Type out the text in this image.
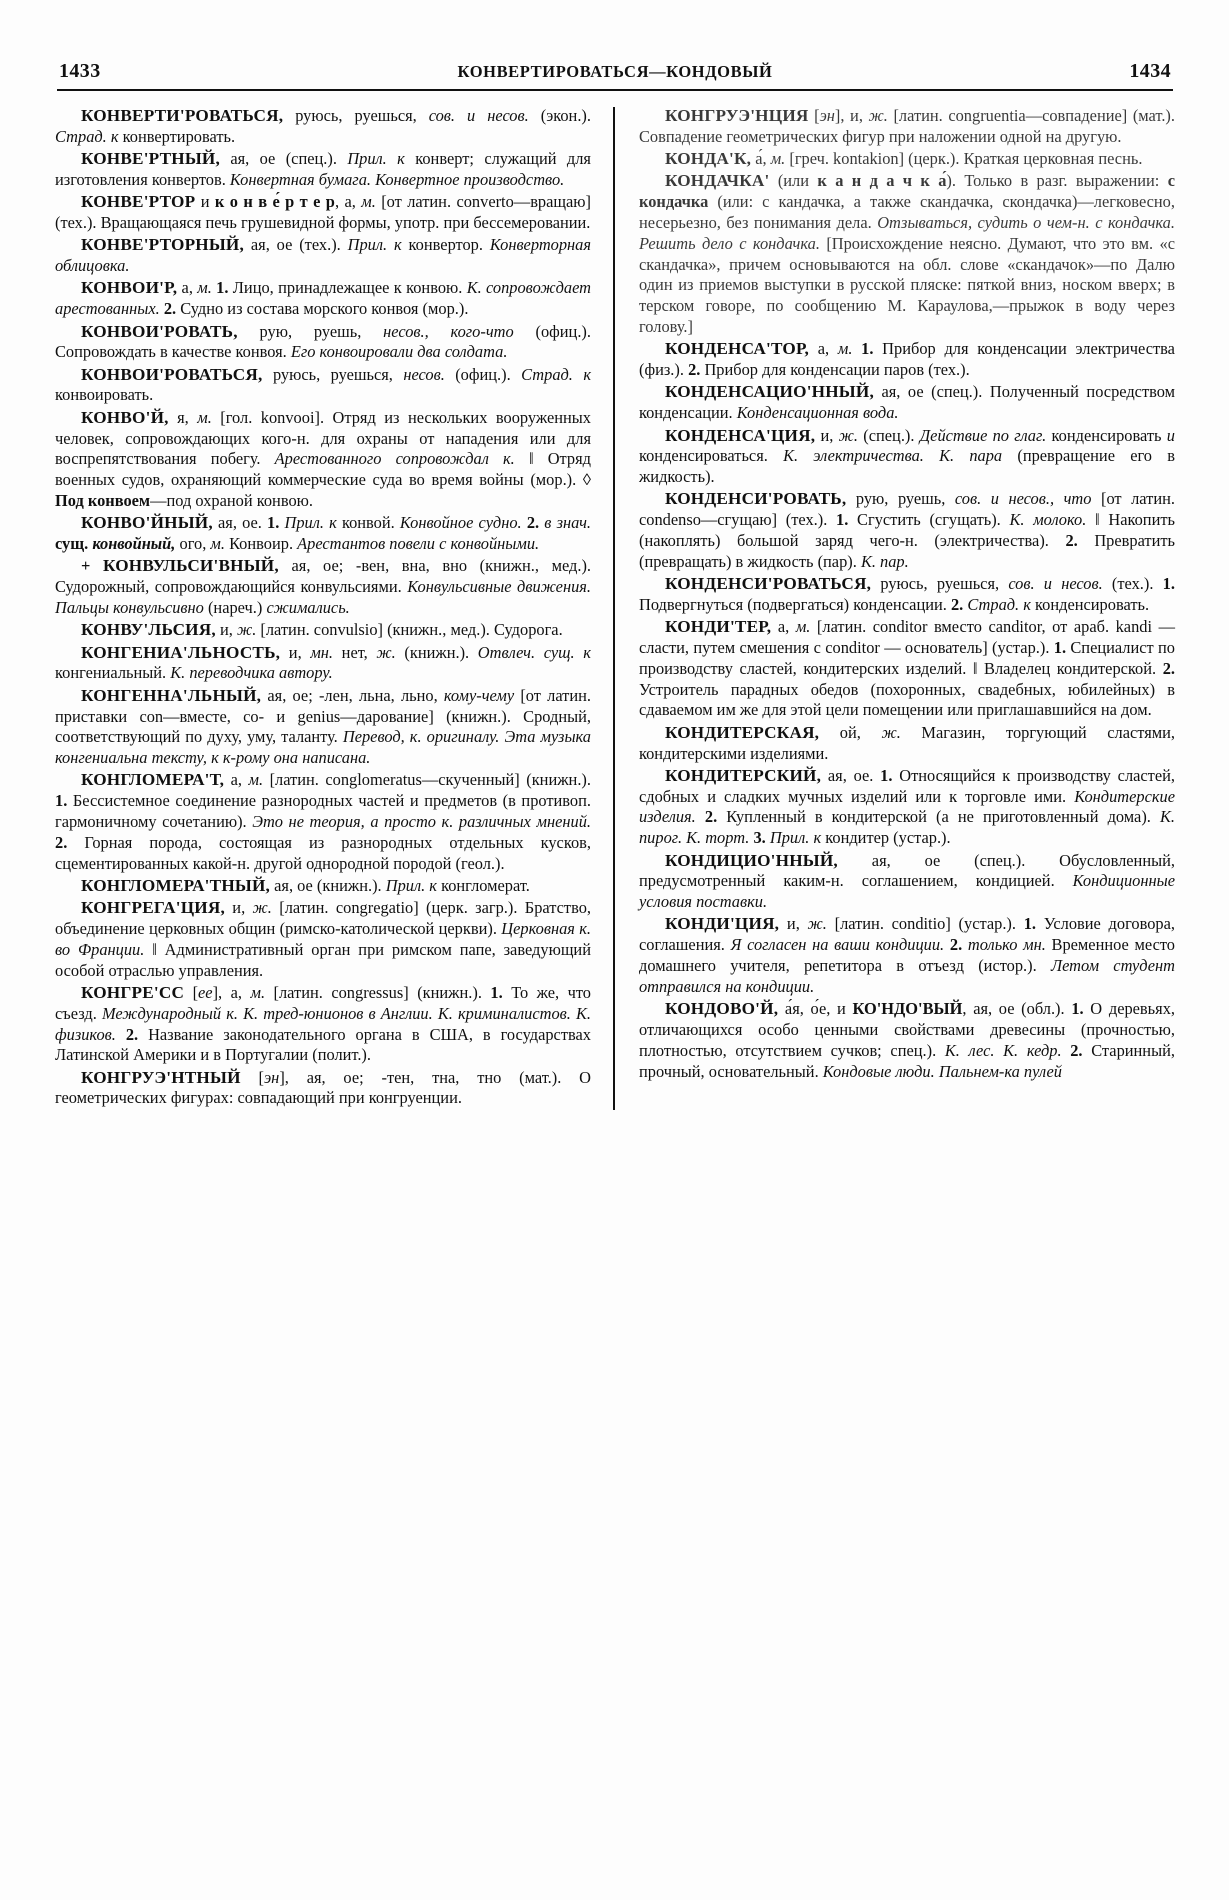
1433	КОНВЕРТИРОВАТЬСЯ—КОНДОВЫЙ	1434

КОНВЕРТИ'РОВАТЬСЯ, руюсь, руешься, сов. и несов. (экон.). Страд. к конвертировать.

КОНВЕ'РТНЫЙ, ая, ое (спец.). Прил. к конверт; служащий для изготовления конвертов. Конвертная бумага. Конвертное производство.

КОНВЕ'РТОР и к о н в е́ р т е р, а, м. [от латин. converto—вращаю] (тех.). Вращающаяся печь грушевидной формы, употр. при бессемеровании.

КОНВЕ'РТОРНЫЙ, ая, ое (тех.). Прил. к конвертор. Конверторная облицовка.

КОНВОИ'Р, а, м. 1. Лицо, принадлежащее к конвою. К. сопровождает арестованных. 2. Судно из состава морского конвоя (мор.).

КОНВОИ'РОВАТЬ, рую, руешь, несов., кого-что (офиц.). Сопровождать в качестве конвоя. Его конвоировали два солдата.

КОНВОИ'РОВАТЬСЯ, руюсь, руешься, несов. (офиц.). Страд. к конвоировать.

КОНВО'Й, я, м. [гол. konvooi]. Отряд из нескольких вооруженных человек, сопровождающих кого-н. для охраны от нападения или для воспрепятствования побегу. Арестованного сопровождал к. ‖ Отряд военных судов, охраняющий коммерческие суда во время войны (мор.). ◊ Под конвоем—под охраной конвою.

КОНВО'ЙНЫЙ, ая, ое. 1. Прил. к конвой. Конвойное судно. 2. в знач. сущ. конвойный, ого, м. Конвоир. Арестантов повели с конвойными.

+ КОНВУЛЬСИ'ВНЫЙ, ая, ое; -вен, вна, вно (книжн., мед.). Судорожный, сопровождающийся конвульсиями. Конвульсивные движения. Пальцы конвульсивно (нареч.) сжимались.

КОНВУ'ЛЬСИЯ, и, ж. [латин. convulsio] (книжн., мед.). Судорога.

КОНГЕНИА'ЛЬНОСТЬ, и, мн. нет, ж. (книжн.). Отвлеч. сущ. к конгениальный. К. переводчика автору.

КОНГЕННА'ЛЬНЫЙ, ая, ое; -лен, льна, льно, кому-чему [от латин. приставки con—вместе, со- и genius—дарование] (книжн.). Сродный, соответствующий по духу, уму, таланту. Перевод, к. оригиналу. Эта музыка конгениальна тексту, к к-рому она написана.

КОНГЛОМЕРА'Т, а, м. [латин. conglomeratus—скученный] (книжн.). 1. Бессистемное соединение разнородных частей и предметов (в противоп. гармоничному сочетанию). Это не теория, а просто к. различных мнений. 2. Горная порода, состоящая из разнородных отдельных кусков, сцементированных какой-н. другой однородной породой (геол.).

КОНГЛОМЕРА'ТНЫЙ, ая, ое (книжн.). Прил. к конгломерат.

КОНГРЕГА'ЦИЯ, и, ж. [латин. congregatio] (церк. загр.). Братство, объединение церковных общин (римско-католической церкви). Церковная к. во Франции. ‖ Административный орган при римском папе, заведующий особой отраслью управления.

КОНГРЕ'СС [ее], а, м. [латин. congressus] (книжн.). 1. То же, что съезд. Международный к. К. тред-юнионов в Англии. К. криминалистов. К. физиков. 2. Название законодательного органа в США, в государствах Латинской Америки и в Португалии (полит.).

КОНГРУЭ'НТНЫЙ [эн], ая, ое; -тен, тна, тно (мат.). О геометрических фигурах: совпадающий при конгруенции.

КОНГРУЭ'НЦИЯ [эн], и, ж. [латин. congruentia—совпадение] (мат.). Совпадение геометрических фигур при наложении одной на другую.

КОНДА'К, а́, м. [греч. kontakion] (церк.). Краткая церковная песнь.

КОНДАЧКА' (или к а н д а ч к а́). Только в разг. выражении: с кондачка (или: с кандачка, а также скандачка, скондачка)—легковесно, несерьезно, без понимания дела. Отзываться, судить о чем-н. с кондачка. Решить дело с кондачка. [Происхождение неясно. Думают, что это вм. «с скандачка», причем основываются на обл. слове «скандачок»—по Далю один из приемов выступки в русской пляске: пяткой вниз, носком вверх; в терском говоре, по сообщению М. Караулова,—прыжок в воду через голову.]

КОНДЕНСА'ТОР, а, м. 1. Прибор для конденсации электричества (физ.). 2. Прибор для конденсации паров (тех.).

КОНДЕНСАЦИО'ННЫЙ, ая, ое (спец.). Полученный посредством конденсации. Конденсационная вода.

КОНДЕНСА'ЦИЯ, и, ж. (спец.). Действие по глаг. конденсировать и конденсироваться. К. электричества. К. пара (превращение его в жидкость).

КОНДЕНСИ'РОВАТЬ, рую, руешь, сов. и несов., что [от латин. condenso—сгущаю] (тех.). 1. Сгустить (сгущать). К. молоко. ‖ Накопить (накоплять) большой заряд чего-н. (электричества). 2. Превратить (превращать) в жидкость (пар). К. пар.

КОНДЕНСИ'РОВАТЬСЯ, руюсь, руешься, сов. и несов. (тех.). 1. Подвергнуться (подвергаться) конденсации. 2. Страд. к конденсировать.

КОНДИ'ТЕР, а, м. [латин. conditor вместо canditor, от араб. kandi — сласти, путем смешения с conditor — основатель] (устар.). 1. Специалист по производству сластей, кондитерских изделий. ‖ Владелец кондитерской. 2. Устроитель парадных обедов (похоронных, свадебных, юбилейных) в сдаваемом им же для этой цели помещении или приглашавшийся на дом.

КОНДИТЕРСКАЯ, ой, ж. Магазин, торгующий сластями, кондитерскими изделиями.

КОНДИТЕРСКИЙ, ая, ое. 1. Относящийся к производству сластей, сдобных и сладких мучных изделий или к торговле ими. Кондитерские изделия. 2. Купленный в кондитерской (а не приготовленный дома). К. пирог. К. торт. 3. Прил. к кондитер (устар.).

КОНДИЦИО'ННЫЙ, ая, ое (спец.). Обусловленный, предусмотренный каким-н. соглашением, кондицией. Кондиционные условия поставки.

КОНДИ'ЦИЯ, и, ж. [латин. conditio] (устар.). 1. Условие договора, соглашения. Я согласен на ваши кондиции. 2. только мн. Временное место домашнего учителя, репетитора в отъезд (истор.). Летом студент отправился на кондиции.

КОНДОВО'Й, а́я, о́е, и КО'НДО'ВЫЙ, ая, ое (обл.). 1. О деревьях, отличающихся особо ценными свойствами древесины (прочностью, плотностью, отсутствием сучков; спец.). К. лес. К. кедр. 2. Старинный, прочный, основательный. Кондовые люди. Пальнем-ка пулей
